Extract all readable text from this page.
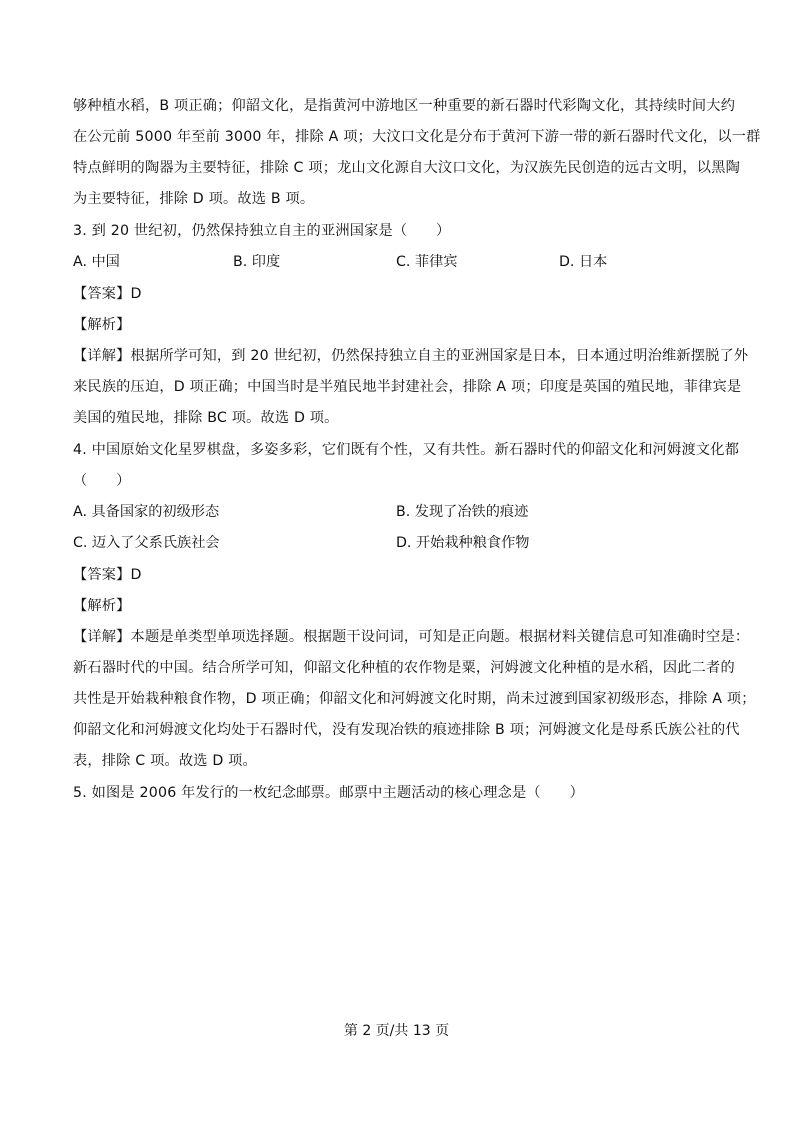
够种植水稻，B 项正确；仰韶文化，是指黄河中游地区一种重要的新石器时代彩陶文化，其持续时间大约
在公元前 5000 年至前 3000 年，排除 A 项；大汶口文化是分布于黄河下游一带的新石器时代文化，以一群
特点鲜明的陶器为主要特征，排除 C 项；龙山文化源自大汶口文化，为汉族先民创造的远古文明，以黑陶
为主要特征，排除 D 项。故选 B 项。
3. 到 20 世纪初，仍然保持独立自主的亚洲国家是（　　）
A. 中国	B. 印度	C. 菲律宾	D. 日本
【答案】D
【解析】
【详解】根据所学可知，到 20 世纪初，仍然保持独立自主的亚洲国家是日本，日本通过明治维新摆脱了外
来民族的压迫，D 项正确；中国当时是半殖民地半封建社会，排除 A 项；印度是英国的殖民地，菲律宾是
美国的殖民地，排除 BC 项。故选 D 项。
4. 中国原始文化星罗棋盘，多姿多彩，它们既有个性，又有共性。新石器时代的仰韶文化和河姆渡文化都
（　　）
A. 具备国家的初级形态	B. 发现了冶铁的痕迹
C. 迈入了父系氏族社会	D. 开始栽种粮食作物
【答案】D
【解析】
【详解】本题是单类型单项选择题。根据题干设问词，可知是正向题。根据材料关键信息可知准确时空是：
新石器时代的中国。结合所学可知，仰韶文化种植的农作物是粟，河姆渡文化种植的是水稻，因此二者的
共性是开始栽种粮食作物，D 项正确；仰韶文化和河姆渡文化时期，尚未过渡到国家初级形态，排除 A 项；
仰韶文化和河姆渡文化均处于石器时代，没有发现冶铁的痕迹排除 B 项；河姆渡文化是母系氏族公社的代
表，排除 C 项。故选 D 项。
5. 如图是 2006 年发行的一枚纪念邮票。邮票中主题活动的核心理念是（　　）
第 2 页/共 13 页
